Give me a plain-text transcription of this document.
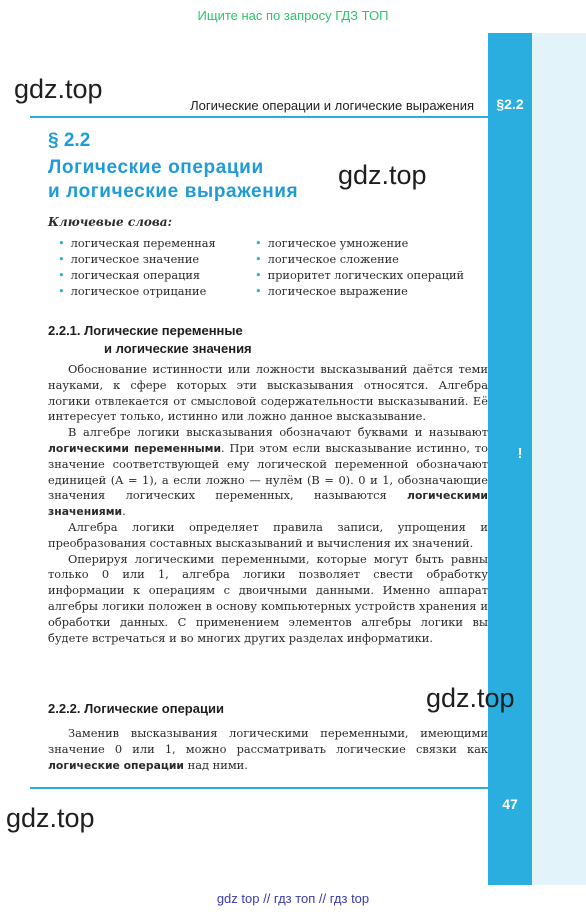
Ищите нас по запросу ГДЗ ТОП
Логические операции и логические выражения	§2.2
gdz.top
gdz.top
gdz.top
gdz.top
§ 2.2
Логические операции
и логические выражения
Ключевые слова:
• логическая переменная
• логическое значение
• логическая операция
• логическое отрицание
• логическое умножение
• логическое сложение
• приоритет логических операций
• логическое выражение
2.2.1. Логические переменные
и логические значения

Обоснование истинности или ложности высказываний даётся теми науками, к сфере которых эти высказывания относятся. Алгебра логики отвлекается от смысловой содержательности высказываний. Её интересует только, истинно или ложно данное высказывание.

В алгебре логики высказывания обозначают буквами и называют логическими переменными. При этом если высказывание истинно, то значение соответствующей ему логической переменной обозначают единицей (A = 1), а если ложно — нулём (B = 0). 0 и 1, обозначающие значения логических переменных, называются логическими значениями.

Алгебра логики определяет правила записи, упрощения и преобразования составных высказываний и вычисления их значений.

Оперируя логическими переменными, которые могут быть равны только 0 или 1, алгебра логики позволяет свести обработку информации к операциям с двоичными данными. Именно аппарат алгебры логики положен в основу компьютерных устройств хранения и обработки данных. С применением элементов алгебры логики вы будете встречаться и во многих других разделах информатики.

!
2.2.2. Логические операции

Заменив высказывания логическими переменными, имеющими значение 0 или 1, можно рассматривать логические связки как логические операции над ними.

47
gdz top // гдз топ // гдз top
